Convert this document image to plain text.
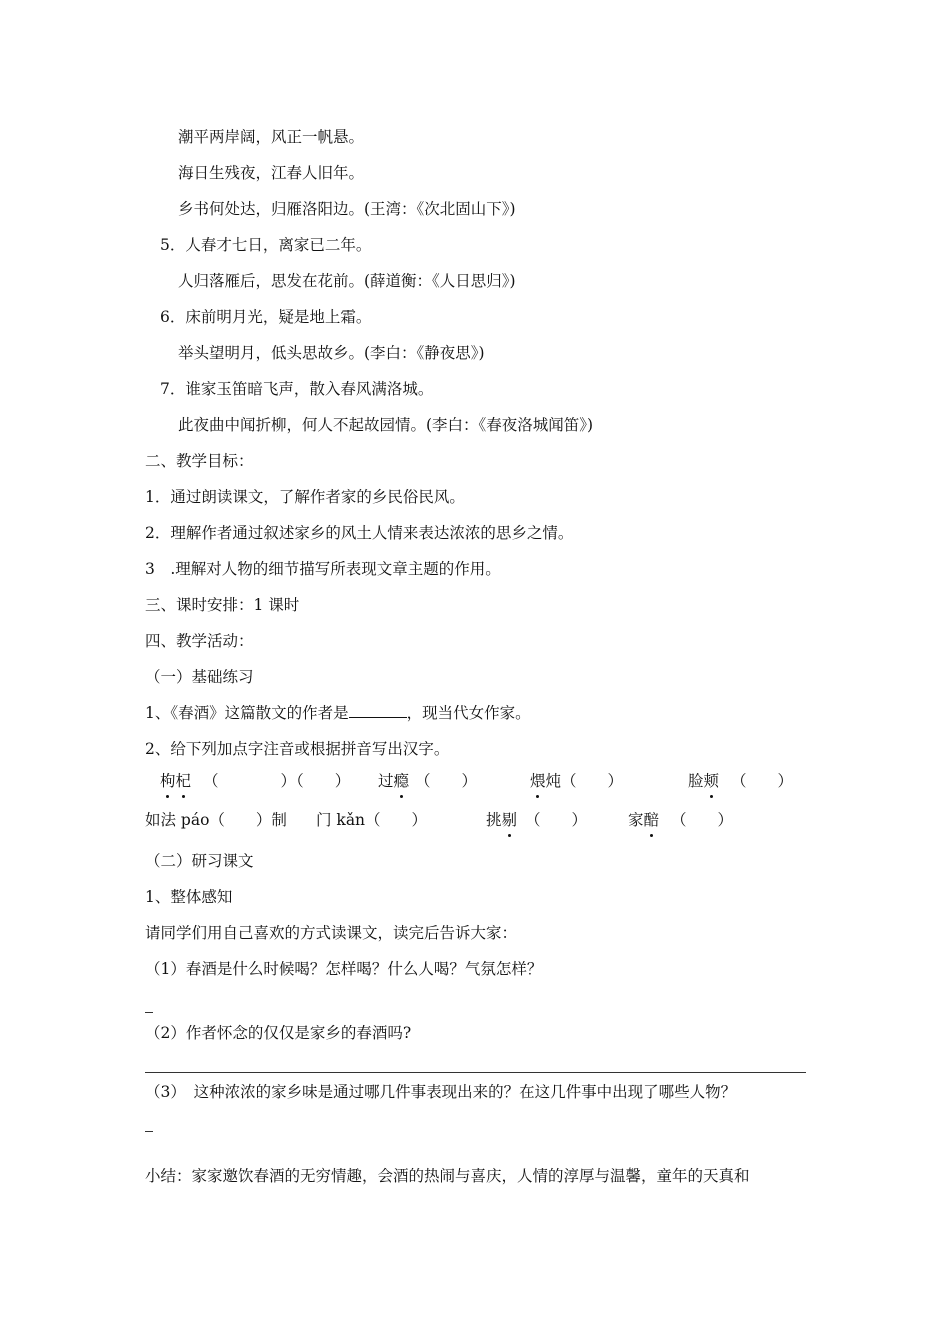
潮平两岸阔，风正一帆悬。
海日生残夜，江春人旧年。
乡书何处达，归雁洛阳边。(王湾：《次北固山下》)
5．人春才七日，离家已二年。
人归落雁后，思发在花前。(薛道衡：《人日思归》)
6．床前明月光，疑是地上霜。
举头望明月，低头思故乡。(李白：《静夜思》)
7．谁家玉笛暗飞声，散入春风满洛城。
此夜曲中闻折柳，何人不起故园情。(李白：《春夜洛城闻笛》)
二、教学目标：
1．通过朗读课文，了解作者家的乡民俗民风。
2．理解作者通过叙述家乡的风土人情来表达浓浓的思乡之情。
3　.理解对人物的细节描写所表现文章主题的作用。
三、课时安排：1 课时
四、教学活动：
（一）基础练习
1、《春酒》这篇散文的作者是	，现当代女作家。
2、给下列加点字注音或根据拼音写出汉字。
枸杞 （　　　　）（　　） 过瘾 （　　）	煨炖（　　）	脸颊 （　　）
如法 páo（　　）制 门 kǎn（　　）	挑剔 （　　）	家醅 （　　）
（二）研习课文
1、整体感知
请同学们用自己喜欢的方式读课文，读完后告诉大家：
（1）春酒是什么时候喝？怎样喝？什么人喝？气氛怎样？
（2）作者怀念的仅仅是家乡的春酒吗?
（3）　这种浓浓的家乡味是通过哪几件事表现出来的？在这几件事中出现了哪些人物？
小结：家家邀饮春酒的无穷情趣，会酒的热闹与喜庆，人情的淳厚与温馨，童年的天真和
